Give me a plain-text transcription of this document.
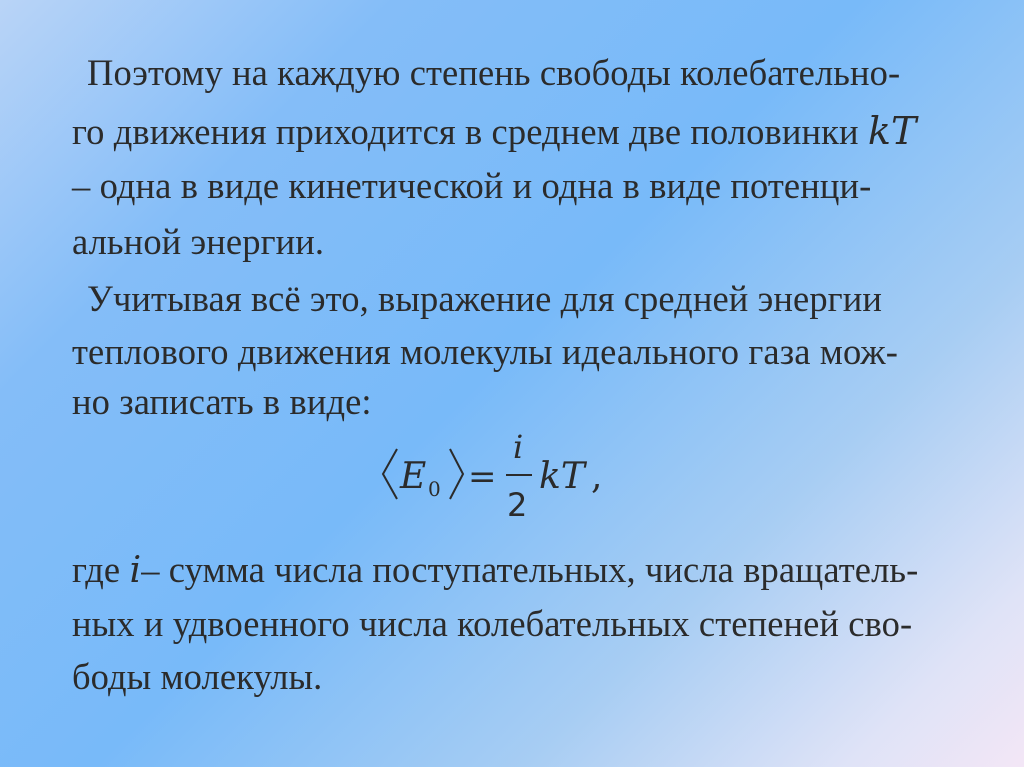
Поэтому на каждую степень свободы колебательно-
го движения приходится в среднем две половинки kT
– одна в виде кинетической и одна в виде потенци-
альной энергии.
Учитывая всё это, выражение для средней энергии
теплового движения молекулы идеального газа мож-
но записать в виде:
E 0 =
i
2
kT ,
где i– сумма числа поступательных, числа вращатель-
ных и удвоенного числа колебательных степеней сво-
боды молекулы.
